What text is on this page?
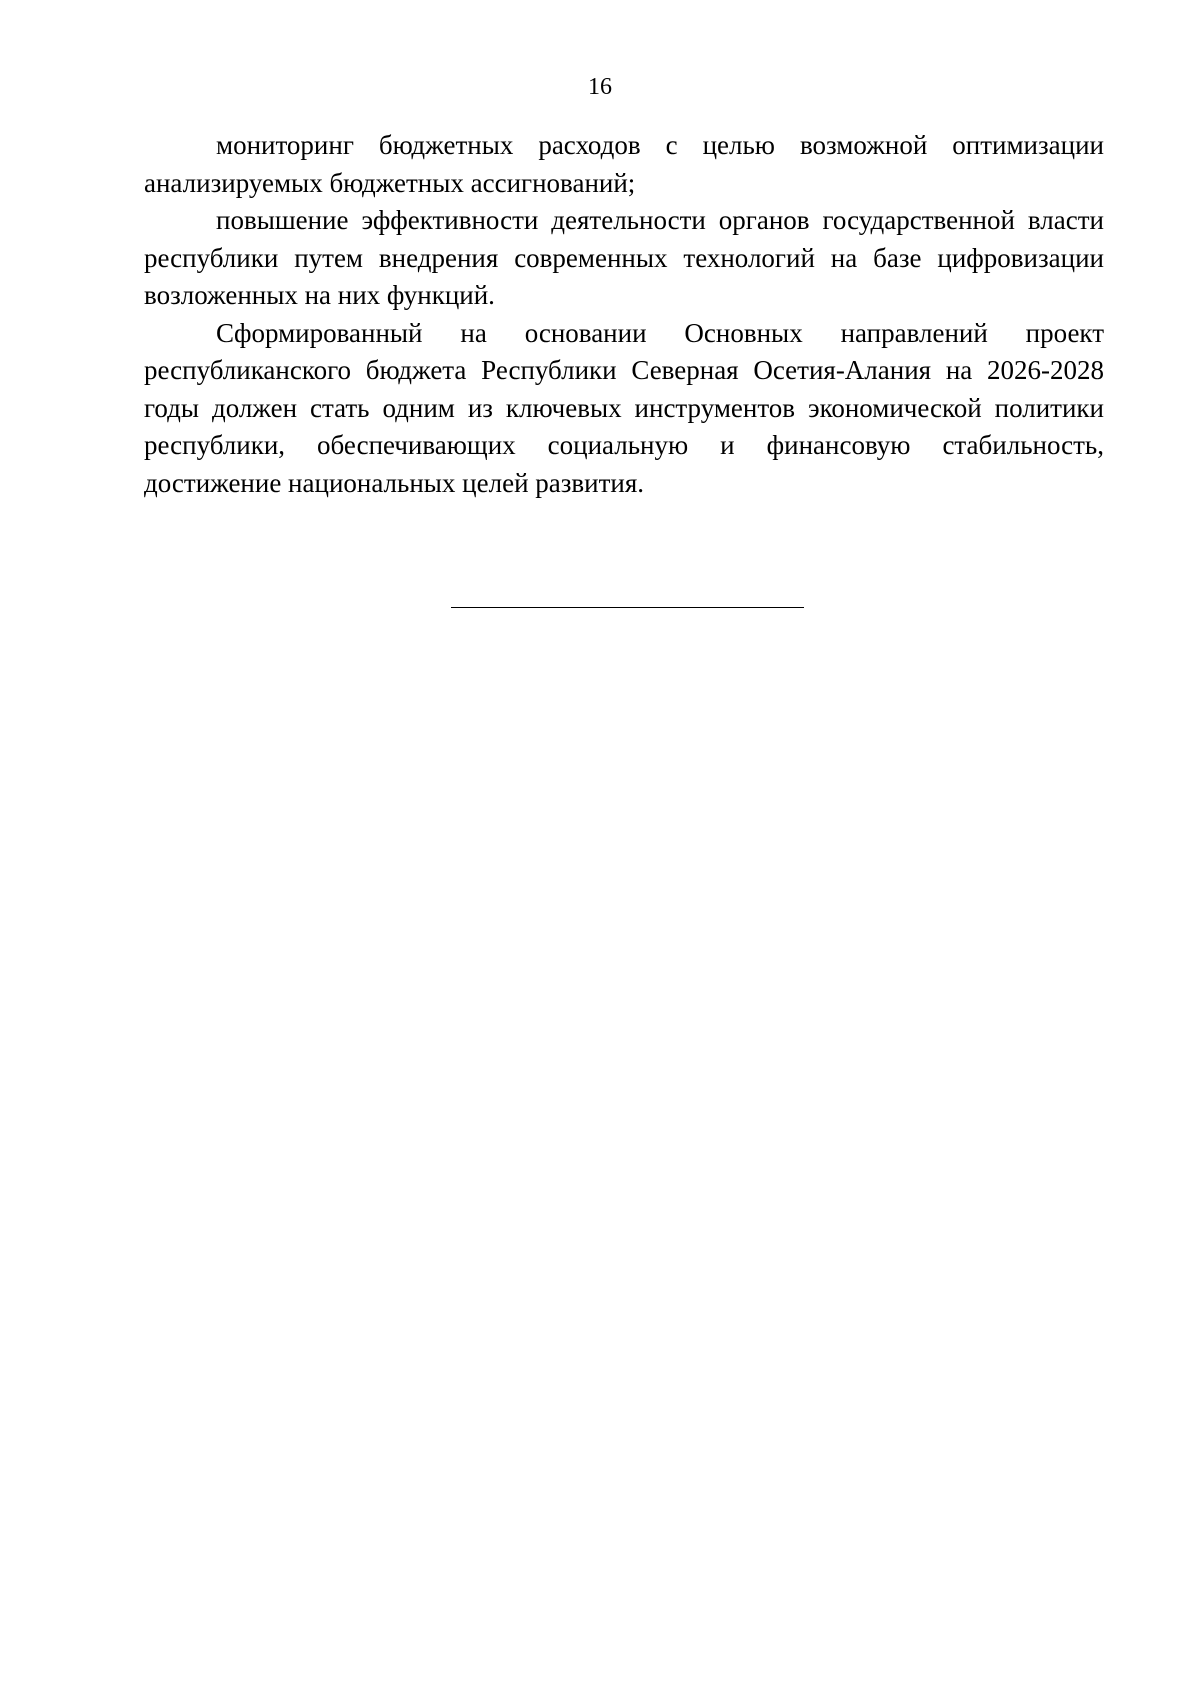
16

мониторинг бюджетных расходов с целью возможной оптимизации анализируемых бюджетных ассигнований;

повышение эффективности деятельности органов государственной власти республики путем внедрения современных технологий на базе цифровизации возложенных на них функций.

Сформированный на основании Основных направлений проект республиканского бюджета Республики Северная Осетия-Алания на 2026-2028 годы должен стать одним из ключевых инструментов экономической политики республики, обеспечивающих социальную и финансовую стабильность, достижение национальных целей развития.
